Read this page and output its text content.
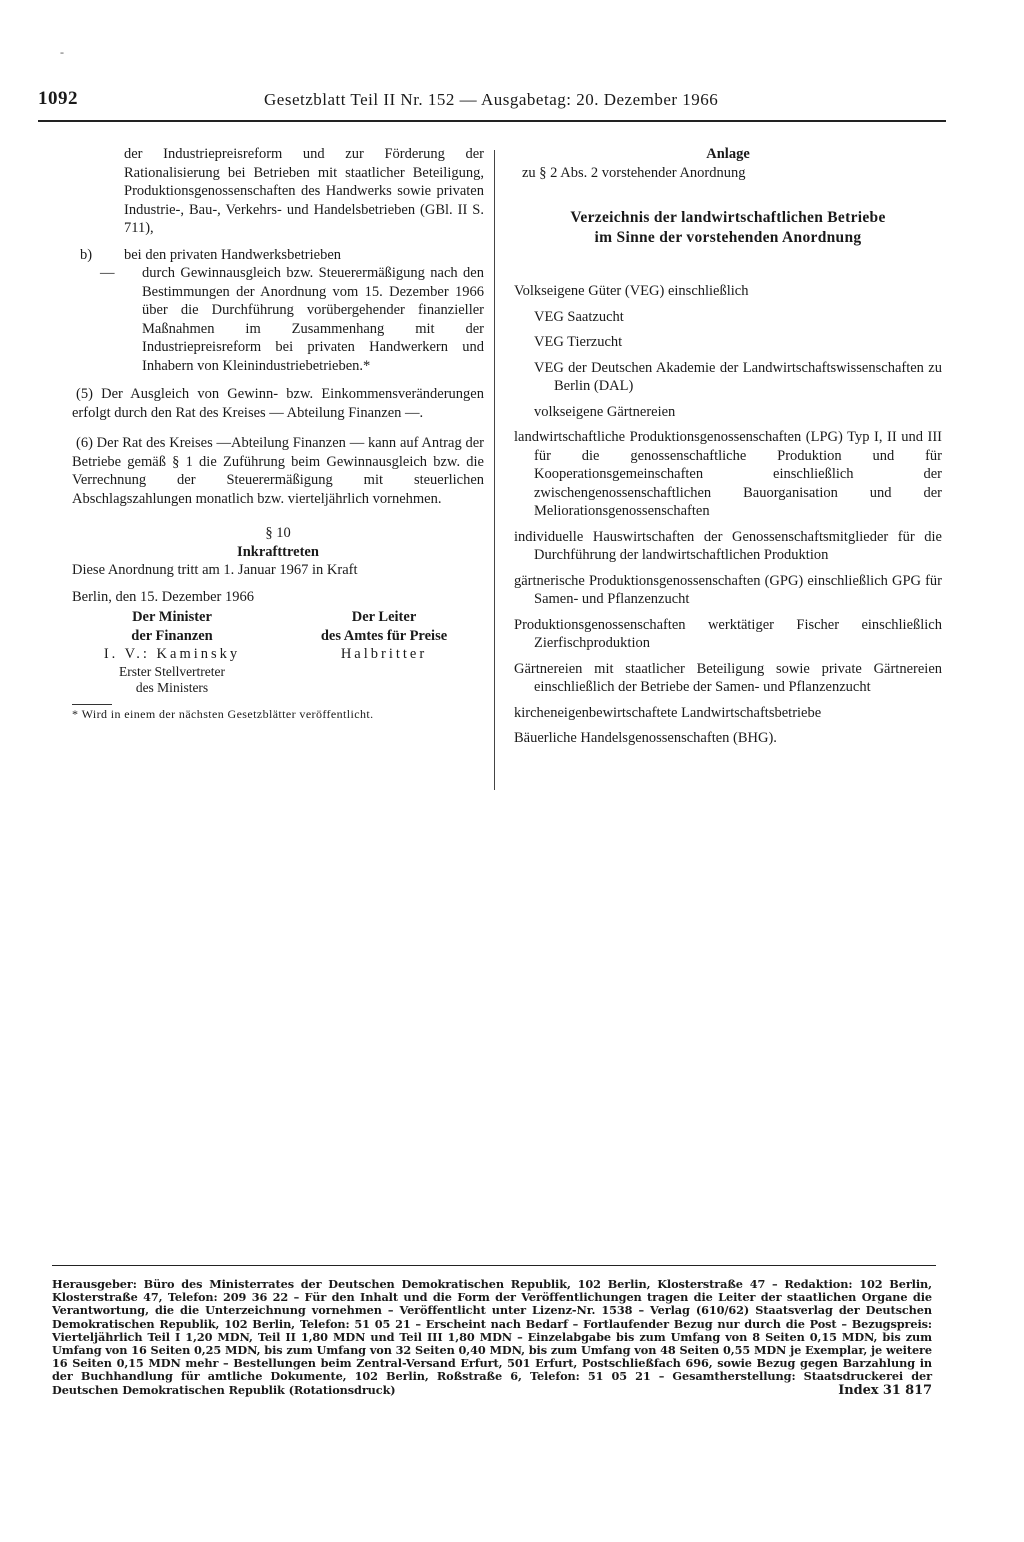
1092	Gesetzblatt Teil II Nr. 152 — Ausgabetag: 20. Dezember 1966
der Industriepreisreform und zur Förderung der Rationalisierung bei Betrieben mit staatlicher Beteiligung, Produktionsgenossenschaften des Handwerks sowie privaten Industrie-, Bau-, Verkehrs- und Handelsbetrieben (GBl. II S. 711),
b) bei den privaten Handwerksbetrieben
— durch Gewinnausgleich bzw. Steuerermäßigung nach den Bestimmungen der Anordnung vom 15. Dezember 1966 über die Durchführung vorübergehender finanzieller Maßnahmen im Zusammenhang mit der Industriepreisreform bei privaten Handwerkern und Inhabern von Kleinindustriebetrieben.*
(5) Der Ausgleich von Gewinn- bzw. Einkommensveränderungen erfolgt durch den Rat des Kreises — Abteilung Finanzen —.
(6) Der Rat des Kreises —Abteilung Finanzen — kann auf Antrag der Betriebe gemäß § 1 die Zuführung beim Gewinnausgleich bzw. die Verrechnung der Steuerermäßigung mit steuerlichen Abschlagszahlungen monatlich bzw. vierteljährlich vornehmen.
§ 10
Inkrafttreten
Diese Anordnung tritt am 1. Januar 1967 in Kraft
Berlin, den 15. Dezember 1966
Der Minister
der Finanzen
I. V.: Kaminsky
Erster Stellvertreter
des Ministers
Der Leiter
des Amtes für Preise
Halbritter
* Wird in einem der nächsten Gesetzblätter veröffentlicht.
Anlage
zu § 2 Abs. 2 vorstehender Anordnung
Verzeichnis der landwirtschaftlichen Betriebe
im Sinne der vorstehenden Anordnung
Volkseigene Güter (VEG) einschließlich
VEG Saatzucht
VEG Tierzucht
VEG der Deutschen Akademie der Landwirtschaftswissenschaften zu Berlin (DAL)
volkseigene Gärtnereien
landwirtschaftliche Produktionsgenossenschaften (LPG) Typ I, II und III für die genossenschaftliche Produktion und für Kooperationsgemeinschaften einschließlich der zwischengenossenschaftlichen Bauorganisation und der Meliorationsgenossenschaften
individuelle Hauswirtschaften der Genossenschaftsmitglieder für die Durchführung der landwirtschaftlichen Produktion
gärtnerische Produktionsgenossenschaften (GPG) einschließlich GPG für Samen- und Pflanzenzucht
Produktionsgenossenschaften werktätiger Fischer einschließlich Zierfischproduktion
Gärtnereien mit staatlicher Beteiligung sowie private Gärtnereien einschließlich der Betriebe der Samen- und Pflanzenzucht
kircheneigenbewirtschaftete Landwirtschaftsbetriebe
Bäuerliche Handelsgenossenschaften (BHG).
Herausgeber: Büro des Ministerrates der Deutschen Demokratischen Republik, 102 Berlin, Klosterstraße 47 – Redaktion: 102 Berlin, Klosterstraße 47, Telefon: 209 36 22 – Für den Inhalt und die Form der Veröffentlichungen tragen die Leiter der staatlichen Organe die Verantwortung, die die Unterzeichnung vornehmen – Veröffentlicht unter Lizenz-Nr. 1538 – Verlag (610/62) Staatsverlag der Deutschen Demokratischen Republik, 102 Berlin, Telefon: 51 05 21 – Erscheint nach Bedarf – Fortlaufender Bezug nur durch die Post – Bezugspreis: Vierteljährlich Teil I 1,20 MDN, Teil II 1,80 MDN und Teil III 1,80 MDN – Einzelabgabe bis zum Umfang von 8 Seiten 0,15 MDN, bis zum Umfang von 16 Seiten 0,25 MDN, bis zum Umfang von 32 Seiten 0,40 MDN, bis zum Umfang von 48 Seiten 0,55 MDN je Exemplar, je weitere 16 Seiten 0,15 MDN mehr – Bestellungen beim Zentral-Versand Erfurt, 501 Erfurt, Postschließfach 696, sowie Bezug gegen Barzahlung in der Buchhandlung für amtliche Dokumente, 102 Berlin, Roßstraße 6, Telefon: 51 05 21 – Gesamtherstellung: Staatsdruckerei der Deutschen Demokratischen Republik (Rotationsdruck)	Index 31 817
-
